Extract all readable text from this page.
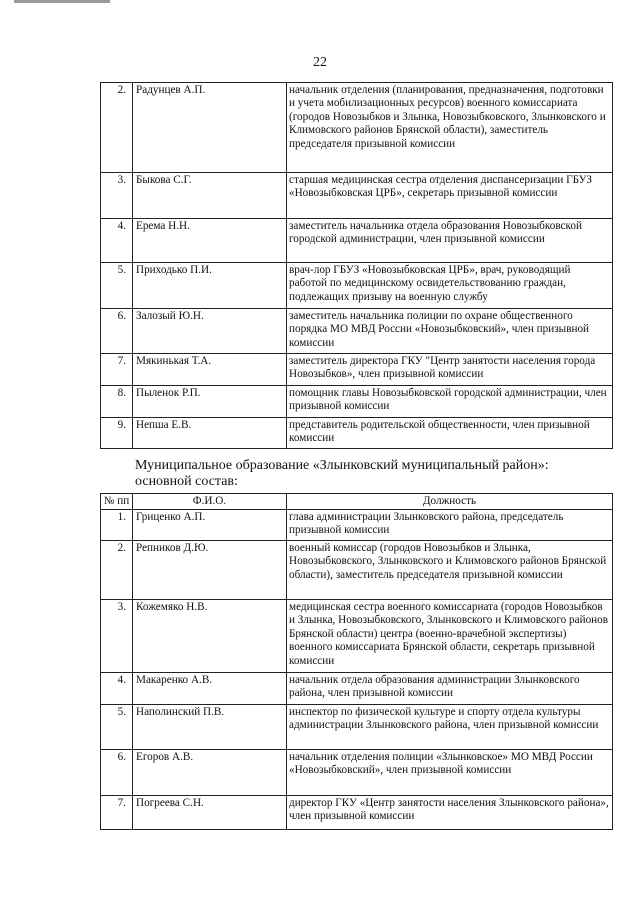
22
2.	Радунцев А.П.	начальник отделения (планирования, предназначения, подготовки и учета мобилизационных ресурсов) военного комиссариата (городов Новозыбков и Злынка, Новозыбковского, Злынковского и Климовского районов Брянской области), заместитель председателя призывной комиссии
3.	Быкова С.Г.	старшая медицинская сестра отделения диспансеризации ГБУЗ «Новозыбковская ЦРБ», секретарь призывной комиссии
4.	Ерема Н.Н.	заместитель начальника отдела образования Новозыбковской городской администрации, член призывной комиссии
5.	Приходько П.И.	врач-лор ГБУЗ «Новозыбковская ЦРБ», врач, руководящий работой по медицинскому освидетельствованию граждан, подлежащих призыву на военную службу
6.	Залозый Ю.Н.	заместитель начальника полиции по охране общественного порядка МО МВД России «Новозыбковский», член призывной комиссии
7.	Мякинькая Т.А.	заместитель директора ГКУ "Центр занятости населения города Новозыбков», член призывной комиссии
8.	Пыленок Р.П.	помощник главы Новозыбковской городской администрации, член призывной комиссии
9.	Непша Е.В.	представитель родительской общественности, член призывной комиссии
Муниципальное образование «Злынковский муниципальный район»:
основной состав:
№ пп	Ф.И.О.	Должность
1.	Гриценко А.П.	глава администрации Злынковского района, председатель призывной комиссии
2.	Репников Д.Ю.	военный комиссар (городов Новозыбков и Злынка, Новозыбковского, Злынковского и Климовского районов Брянской области), заместитель председателя призывной комиссии
3.	Кожемяко Н.В.	медицинская сестра военного комиссариата (городов Новозыбков и Злынка, Новозыбковского, Злынковского и Климовского районов Брянской области) центра (военно-врачебной экспертизы) военного комиссариата Брянской области, секретарь призывной комиссии
4.	Макаренко А.В.	начальник отдела образования администрации Злынковского района, член призывной комиссии
5.	Наполинский П.В.	инспектор по физической культуре и спорту отдела культуры администрации Злынковского района, член призывной комиссии
6.	Егоров А.В.	начальник отделения полиции «Злынковское» МО МВД России «Новозыбковский», член призывной комиссии
7.	Погреева С.Н.	директор ГКУ «Центр занятости населения Злынковского района», член призывной комиссии
